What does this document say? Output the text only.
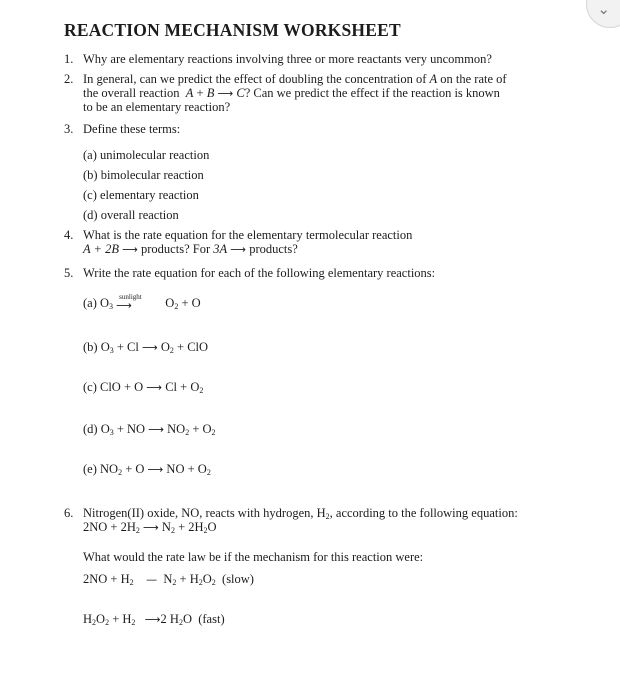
⌄
REACTION MECHANISM WORKSHEET
1. Why are elementary reactions involving three or more reactants very uncommon?
2. In general, can we predict the effect of doubling the concentration of A on the rate of
the overall reaction A + B ⟶ C? Can we predict the effect if the reaction is known
to be an elementary reaction?
3. Define these terms:
(a) unimolecular reaction
(b) bimolecular reaction
(c) elementary reaction
(d) overall reaction
4. What is the rate equation for the elementary termolecular reaction
A + 2B ⟶ products? For 3A ⟶ products?
5. Write the rate equation for each of the following elementary reactions:
(a) $O_3$
sunlight
⟶ $O_2 + O$
(b) $O_3 + Cl$ ⟶ $O_2$ + ClO
(c) ClO + O ⟶ $Cl + O_2$
(d) $O_3$ + NO ⟶ $NO_2 + O_2$
(e) $NO_2 + O$ ⟶ NO + $O_2$
6. Nitrogen(II) oxide, NO, reacts with hydrogen, $H_2$, according to the following equation:
$2NO + 2H_2$ ⟶ $N_2 + 2H_2O$
What would the rate law be if the mechanism for this reaction were:
$2NO + H_2$ —  $N_2 + H_2O_2$ (slow)
$H_2O_2 + H_2$ ⟶2 $H_2O$  (fast)
